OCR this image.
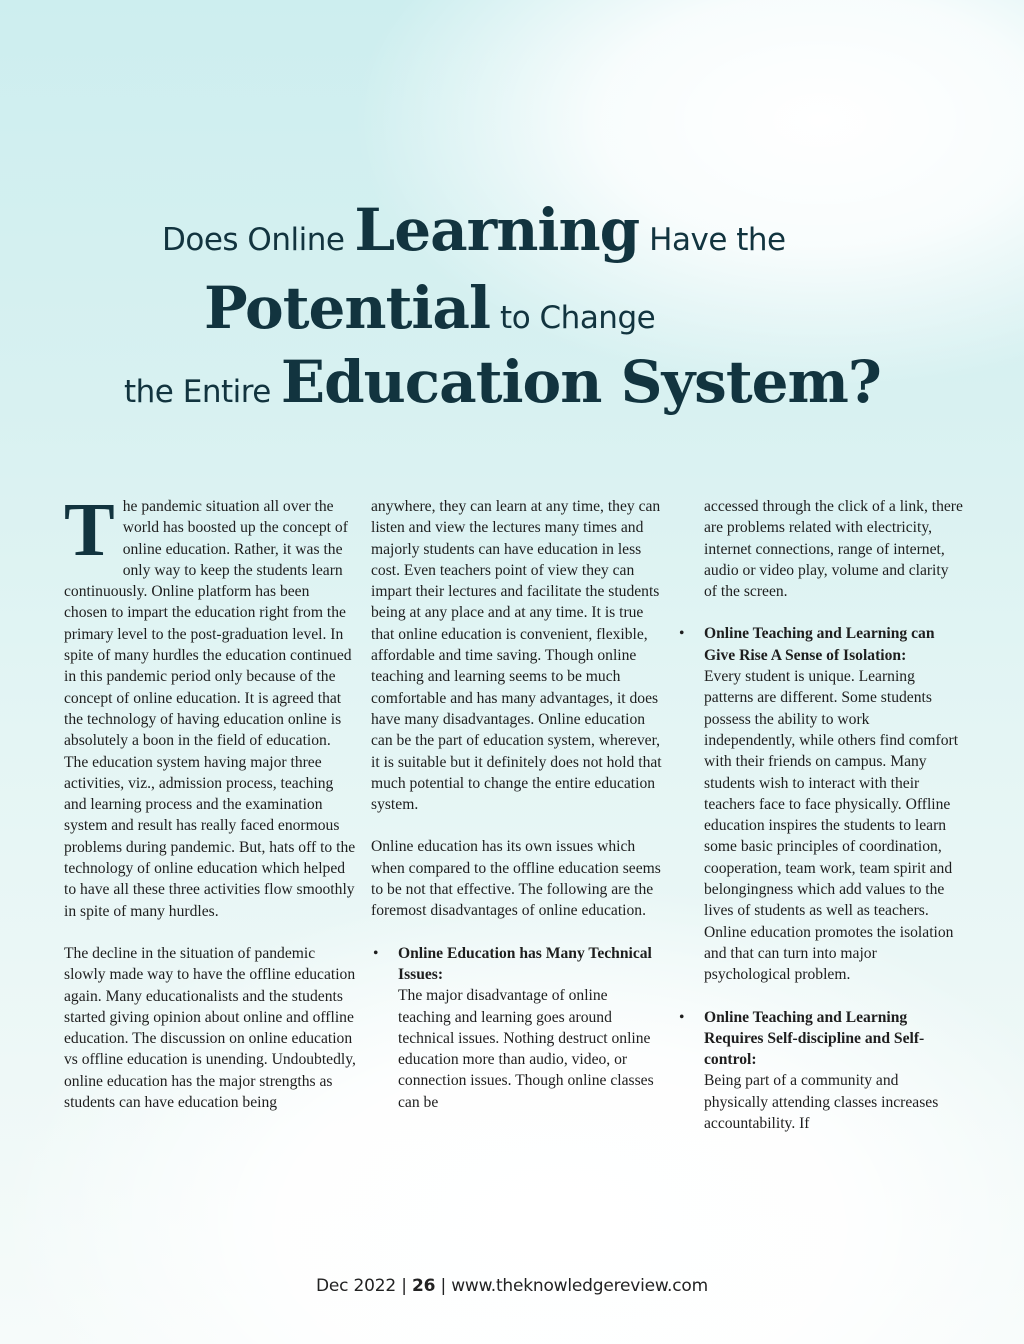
Does Online Learning Have the
Potential to Change
the Entire Education System?
T he pandemic situation all over the world has boosted up the concept of online education. Rather, it was the only way to keep the students learn continuously. Online platform has been chosen to impart the education right from the primary level to the post-graduation level. In spite of many hurdles the education continued in this pandemic period only because of the concept of online education. It is agreed that the technology of having education online is absolutely a boon in the field of education. The education system having major three activities, viz., admission process, teaching and learning process and the examination system and result has really faced enormous problems during pandemic. But, hats off to the technology of online education which helped to have all these three activities flow smoothly in spite of many hurdles.

The decline in the situation of pandemic slowly made way to have the offline education again. Many educationalists and the students started giving opinion about online and offline education. The discussion on online education vs offline education is unending. Undoubtedly, online education has the major strengths as students can have education being

anywhere, they can learn at any time, they can listen and view the lectures many times and majorly students can have education in less cost. Even teachers point of view they can impart their lectures and facilitate the students being at any place and at any time. It is true that online education is convenient, flexible, affordable and time saving. Though online teaching and learning seems to be much comfortable and has many advantages, it does have many disadvantages. Online education can be the part of education system, wherever, it is suitable but it definitely does not hold that much potential to change the entire education system.

Online education has its own issues which when compared to the offline education seems to be not that effective. The following are the foremost disadvantages of online education.

• Online Education has Many Technical Issues:
The major disadvantage of online teaching and learning goes around technical issues. Nothing destruct online education more than audio, video, or connection issues. Though online classes can be

accessed through the click of a link, there are problems related with electricity, internet connections, range of internet, audio or video play, volume and clarity of the screen.

• Online Teaching and Learning can Give Rise A Sense of Isolation:
Every student is unique. Learning patterns are different. Some students possess the ability to work independently, while others find comfort with their friends on campus. Many students wish to interact with their teachers face to face physically. Offline education inspires the students to learn some basic principles of coordination, cooperation, team work, team spirit and belongingness which add values to the lives of students as well as teachers. Online education promotes the isolation and that can turn into major psychological problem.
• Online Teaching and Learning Requires Self-discipline and Self-control:
Being part of a community and physically attending classes increases accountability. If
Dec 2022 | 26 | www.theknowledgereview.com
